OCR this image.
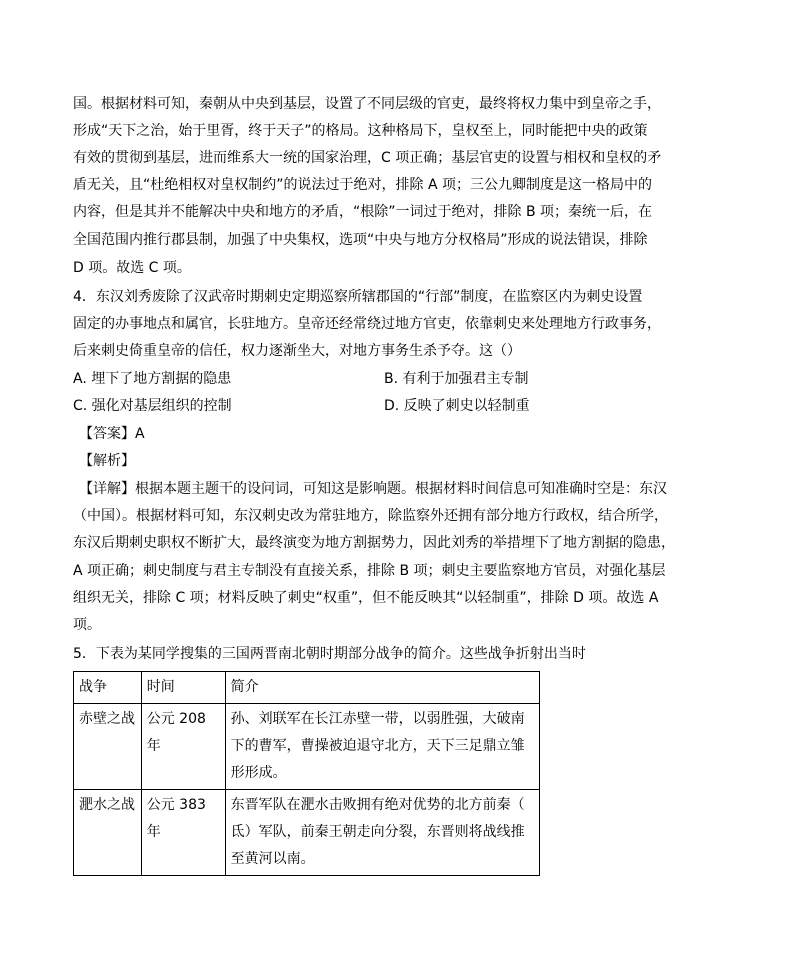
国。根据材料可知，秦朝从中央到基层，设置了不同层级的官吏，最终将权力集中到皇帝之手，
形成“天下之治，始于里胥，终于天子”的格局。这种格局下，皇权至上，同时能把中央的政策
有效的贯彻到基层，进而维系大一统的国家治理，C 项正确；基层官吏的设置与相权和皇权的矛
盾无关，且“杜绝相权对皇权制约”的说法过于绝对，排除 A 项；三公九卿制度是这一格局中的
内容，但是其并不能解决中央和地方的矛盾，“根除”一词过于绝对，排除 B 项；秦统一后，在
全国范围内推行郡县制，加强了中央集权，选项“中央与地方分权格局”形成的说法错误，排除
D 项。故选 C 项。
4．东汉刘秀废除了汉武帝时期刺史定期巡察所辖郡国的“行部”制度，在监察区内为刺史设置
固定的办事地点和属官，长驻地方。皇帝还经常绕过地方官吏，依靠刺史来处理地方行政事务，
后来刺史倚重皇帝的信任，权力逐渐坐大，对地方事务生杀予夺。这（）
A. 埋下了地方割据的隐患	B. 有利于加强君主专制
C. 强化对基层组织的控制	D. 反映了刺史以轻制重
【答案】A
【解析】
【详解】根据本题主题干的设问词，可知这是影响题。根据材料时间信息可知准确时空是：东汉
（中国）。根据材料可知，东汉刺史改为常驻地方，除监察外还拥有部分地方行政权，结合所学，
东汉后期刺史职权不断扩大，最终演变为地方割据势力，因此刘秀的举措埋下了地方割据的隐患，
A 项正确；刺史制度与君主专制没有直接关系，排除 B 项；刺史主要监察地方官员，对强化基层
组织无关，排除 C 项；材料反映了刺史“权重”，但不能反映其“以轻制重”，排除 D 项。故选 A
项。
5．下表为某同学搜集的三国两晋南北朝时期部分战争的简介。这些战争折射出当时
战争	时间	简介
赤壁之战	公元 208 年	孙、刘联军在长江赤壁一带，以弱胜强，大破南
下的曹军，曹操被迫退守北方，天下三足鼎立雏
形形成。

淝水之战	公元 383 年	东晋军队在淝水击败拥有绝对优势的北方前秦（
氐）军队，前秦王朝走向分裂，东晋则将战线推
至黄河以南。
